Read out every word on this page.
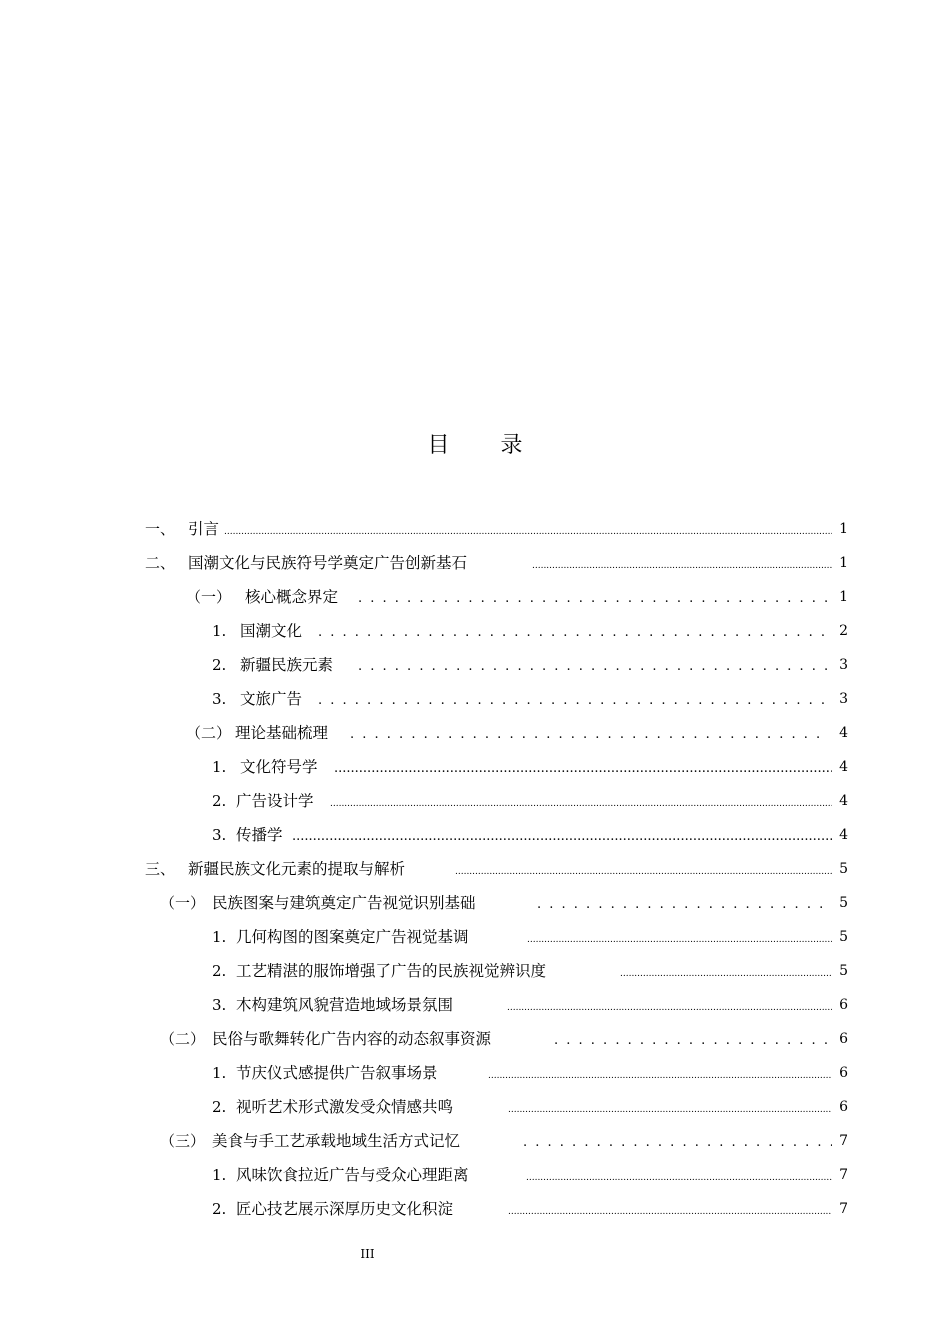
目 录
一、 引言 .....	1
二、 国潮文化与民族符号学奠定广告创新基石 .....	1
（一） 核心概念界定 . . .	1
1. 国潮文化 . . .	2
2. 新疆民族元素 . . .	3
3. 文旅广告 . . .	3
（二） 理论基础梳理 . . .	4
1. 文化符号学 .....	4
2. 广告设计学 .....	4
3. 传播学 .....	4
三、 新疆民族文化元素的提取与解析 .....	5
（一） 民族图案与建筑奠定广告视觉识别基础 . . .	5
1. 几何构图的图案奠定广告视觉基调 .....	5
2. 工艺精湛的服饰增强了广告的民族视觉辨识度 .....	5
3. 木构建筑风貌营造地域场景氛围 .....	6
（二） 民俗与歌舞转化广告内容的动态叙事资源 . . .	6
1. 节庆仪式感提供广告叙事场景 .....	6
2. 视听艺术形式激发受众情感共鸣 .....	6
（三） 美食与手工艺承载地域生活方式记忆 . . .	7
1. 风味饮食拉近广告与受众心理距离 .....	7
2. 匠心技艺展示深厚历史文化积淀 .....	7
III
